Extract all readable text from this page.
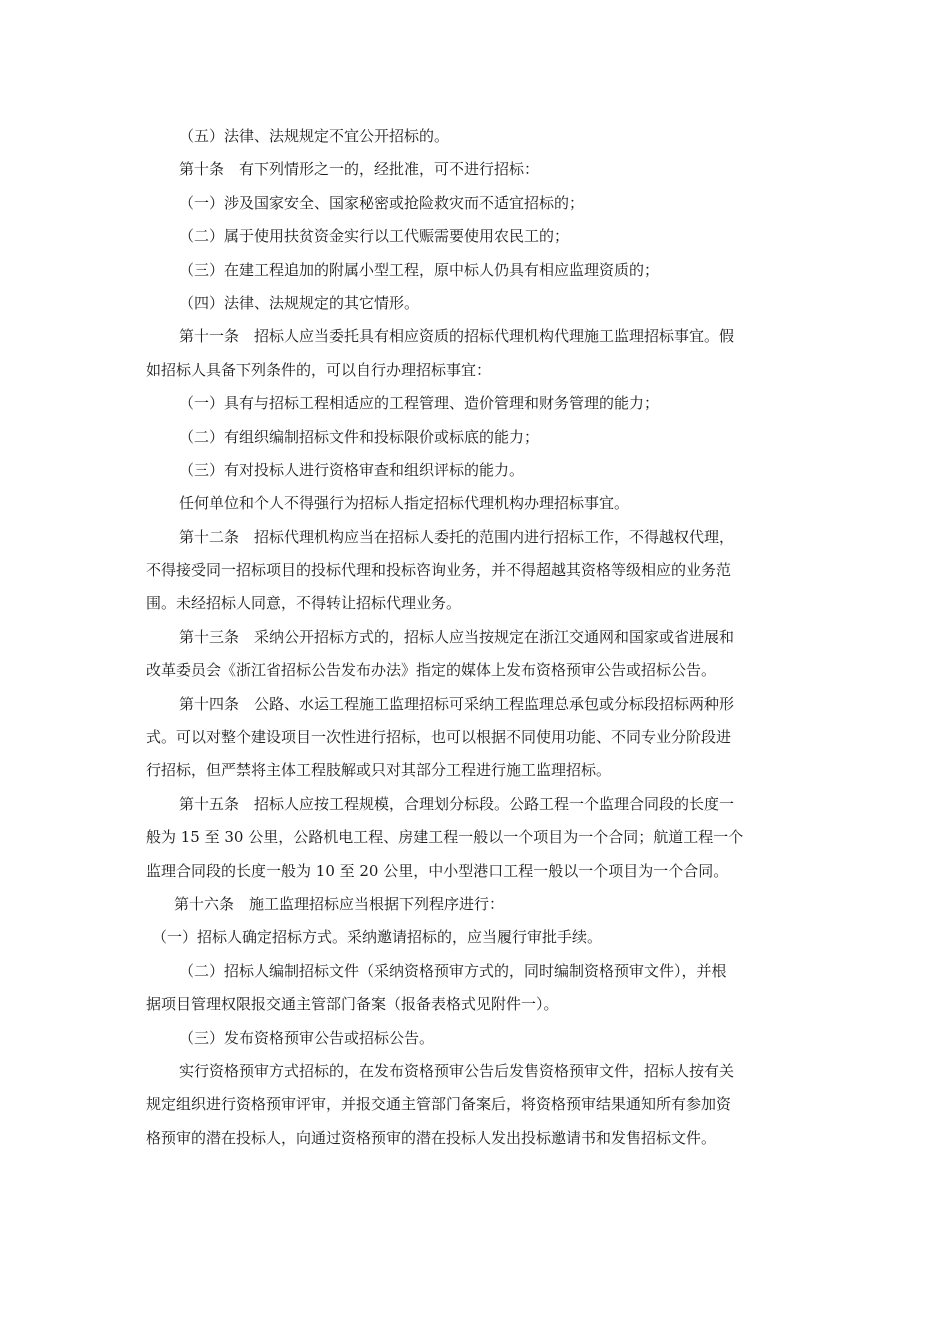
（五）法律、法规规定不宜公开招标的。
第十条　有下列情形之一的，经批准，可不进行招标：
（一）涉及国家安全、国家秘密或抢险救灾而不适宜招标的；
（二）属于使用扶贫资金实行以工代赈需要使用农民工的；
（三）在建工程追加的附属小型工程，原中标人仍具有相应监理资质的；
（四）法律、法规规定的其它情形。
第十一条　招标人应当委托具有相应资质的招标代理机构代理施工监理招标事宜。假
如招标人具备下列条件的，可以自行办理招标事宜：
（一）具有与招标工程相适应的工程管理、造价管理和财务管理的能力；
（二）有组织编制招标文件和投标限价或标底的能力；
（三）有对投标人进行资格审查和组织评标的能力。
任何单位和个人不得强行为招标人指定招标代理机构办理招标事宜。
第十二条　招标代理机构应当在招标人委托的范围内进行招标工作，不得越权代理，
不得接受同一招标项目的投标代理和投标咨询业务，并不得超越其资格等级相应的业务范
围。未经招标人同意，不得转让招标代理业务。
第十三条　采纳公开招标方式的，招标人应当按规定在浙江交通网和国家或省进展和
改革委员会《浙江省招标公告发布办法》指定的媒体上发布资格预审公告或招标公告。
第十四条　公路、水运工程施工监理招标可采纳工程监理总承包或分标段招标两种形
式。可以对整个建设项目一次性进行招标，也可以根据不同使用功能、不同专业分阶段进
行招标，但严禁将主体工程肢解或只对其部分工程进行施工监理招标。
第十五条　招标人应按工程规模，合理划分标段。公路工程一个监理合同段的长度一
般为 15 至 30 公里，公路机电工程、房建工程一般以一个项目为一个合同；航道工程一个
监理合同段的长度一般为 10 至 20 公里，中小型港口工程一般以一个项目为一个合同。
第十六条　施工监理招标应当根据下列程序进行：
（一）招标人确定招标方式。采纳邀请招标的，应当履行审批手续。
（二）招标人编制招标文件（采纳资格预审方式的，同时编制资格预审文件），并根
据项目管理权限报交通主管部门备案（报备表格式见附件一）。
（三）发布资格预审公告或招标公告。
实行资格预审方式招标的，在发布资格预审公告后发售资格预审文件，招标人按有关
规定组织进行资格预审评审，并报交通主管部门备案后，将资格预审结果通知所有参加资
格预审的潜在投标人，向通过资格预审的潜在投标人发出投标邀请书和发售招标文件。
